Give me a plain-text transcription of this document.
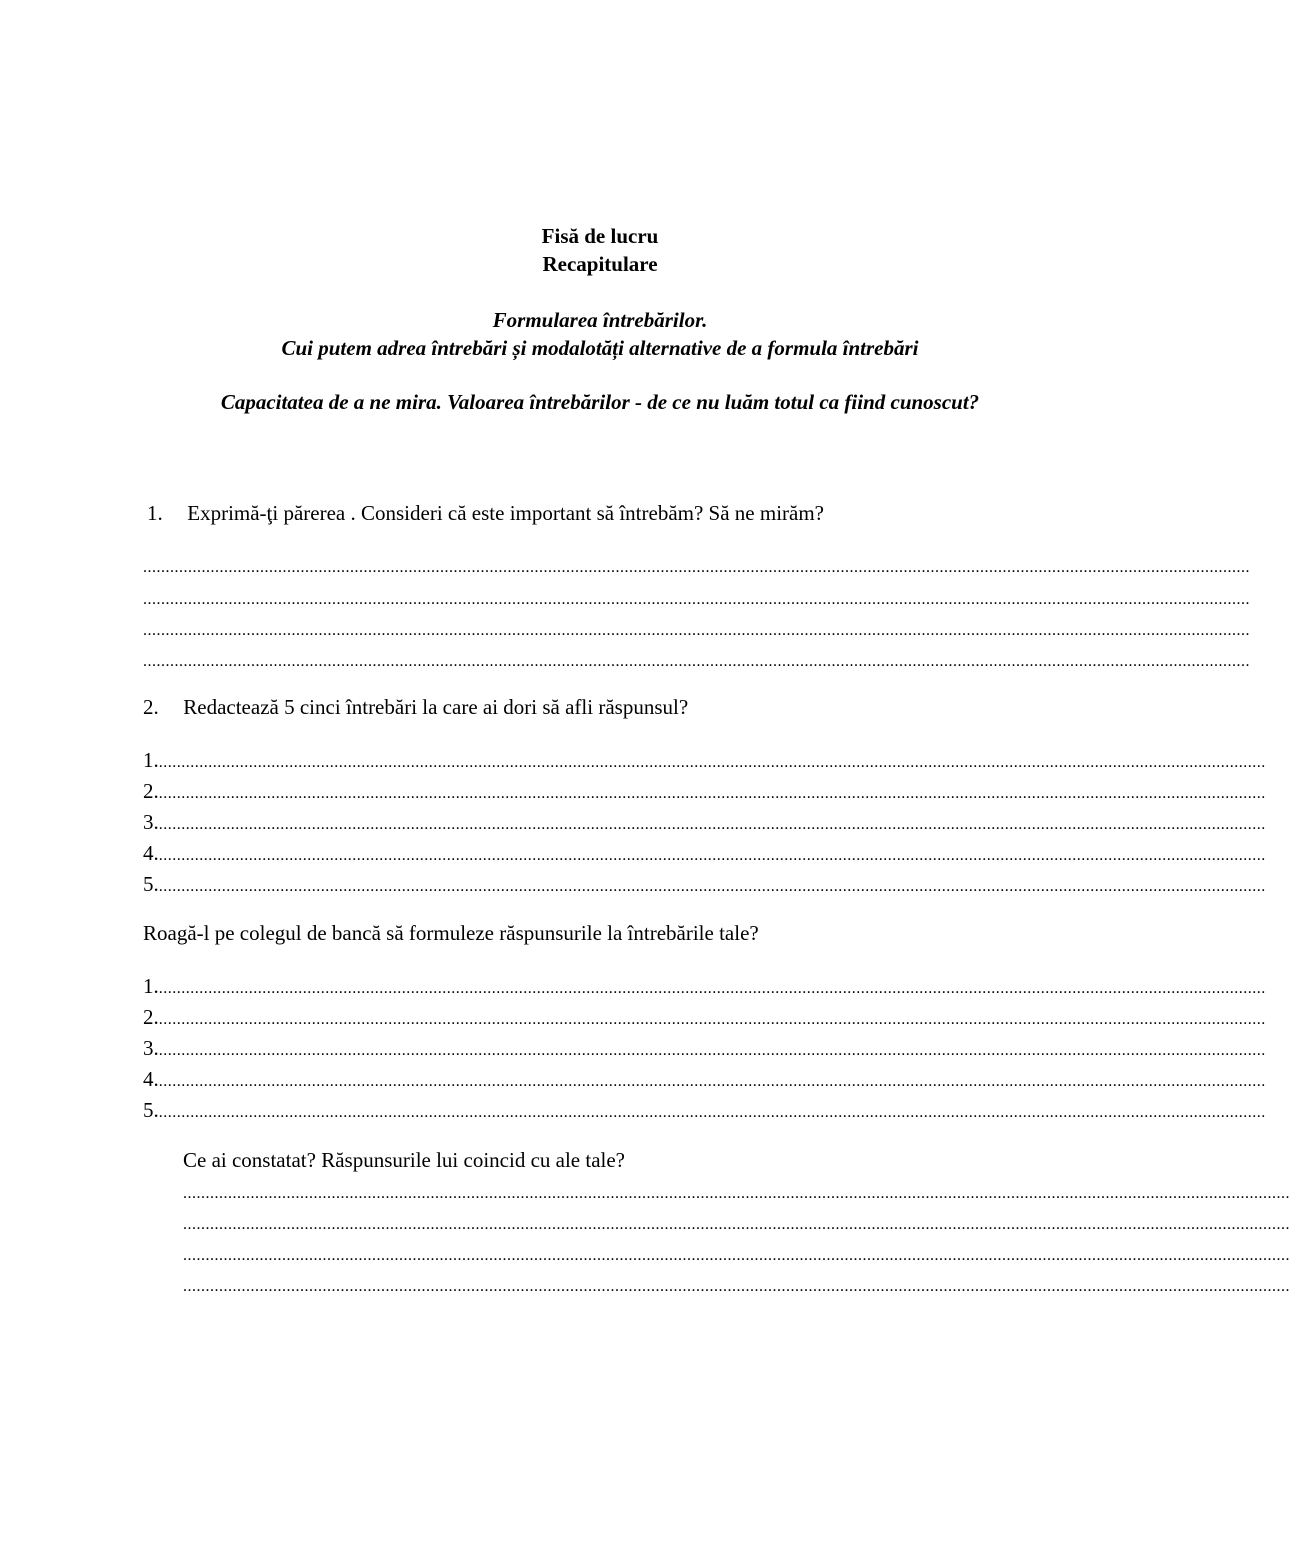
Fisă de lucru
Recapitulare
Formularea întrebărilor.
Cui putem adrea întrebări și modalotăți alternative de a formula întrebări
Capacitatea de a ne mira. Valoarea întrebărilor - de ce nu luăm totul ca fiind cunoscut?
1. Exprimă-ţi părerea . Consideri că este important să întrebăm? Să ne mirăm?
......................................................................................................................................................................................................................................................
......................................................................................................................................................................................................................................................
......................................................................................................................................................................................................................................................
......................................................................................................................................................................................................................................................
2. Redactează 5 cinci întrebări la care ai dori să afli răspunsul?
1.......................................................................................................................................................................................................................................................
2.......................................................................................................................................................................................................................................................
3.......................................................................................................................................................................................................................................................
4.......................................................................................................................................................................................................................................................
5.......................................................................................................................................................................................................................................................
Roagă-l pe colegul de bancă să formuleze răspunsurile la întrebările tale?
1.......................................................................................................................................................................................................................................................
2.......................................................................................................................................................................................................................................................
3.......................................................................................................................................................................................................................................................
4.......................................................................................................................................................................................................................................................
5.......................................................................................................................................................................................................................................................
Ce ai constatat? Răspunsurile lui coincid cu ale tale?
......................................................................................................................................................................................................................................................
......................................................................................................................................................................................................................................................
......................................................................................................................................................................................................................................................
......................................................................................................................................................................................................................................................
